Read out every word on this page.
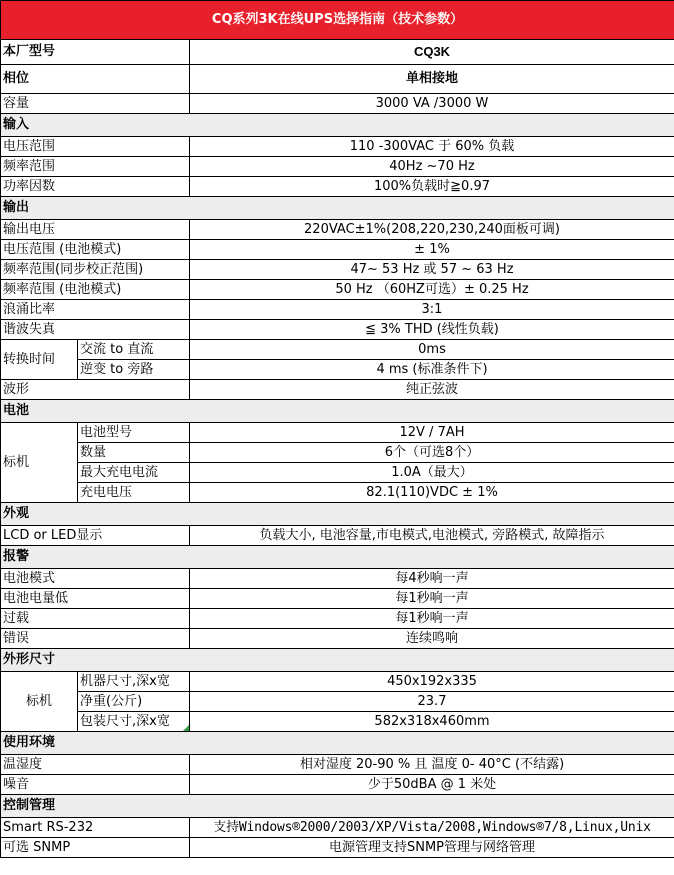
CQ系列3K在线UPS选择指南（技术参数）		
本厂型号		CQ3K
相位		单相接地
容量		3000 VA /3000 W
输入		
电压范围		110 -300VAC 于 60% 负载
频率范围		40Hz ~70 Hz
功率因数		100%负载时≧0.97
输出		
输出电压		220VAC±1%(208,220,230,240面板可调)
电压范围 (电池模式)		± 1%
频率范围(同步校正范围)		47~ 53 Hz 或 57 ~ 63 Hz
频率范围 (电池模式)		50 Hz （60HZ可选）± 0.25 Hz
浪涌比率		3:1
谐波失真		≦ 3% THD (线性负载)
转换时间	交流 to 直流	0ms
	逆变 to 旁路	4 ms (标准条件下)
波形		纯正弦波
电池		
标机	电池型号	12V / 7AH
	数量	6个（可选8个）
	最大充电电流	1.0A（最大）
	充电电压	82.1(110)VDC ± 1%
外观		
LCD or LED显示		负载大小, 电池容量,市电模式,电池模式, 旁路模式, 故障指示
报警		
电池模式		每4秒响一声
电池电量低		每1秒响一声
过载		每1秒响一声
错误		连续鸣响
外形尺寸		
标机	机器尺寸,深x宽	450x192x335
	净重(公斤)	23.7
	包装尺寸,深x宽	582x318x460mm
使用环境		
温湿度		相对湿度 20-90 % 且 温度 0- 40°C (不结露)
噪音		少于50dBA @ 1 米处
控制管理		
Smart RS-232		支持Windows®2000/2003/XP/Vista/2008,Windows®7/8,Linux,Unix
可选 SNMP		电源管理支持SNMP管理与网络管理
